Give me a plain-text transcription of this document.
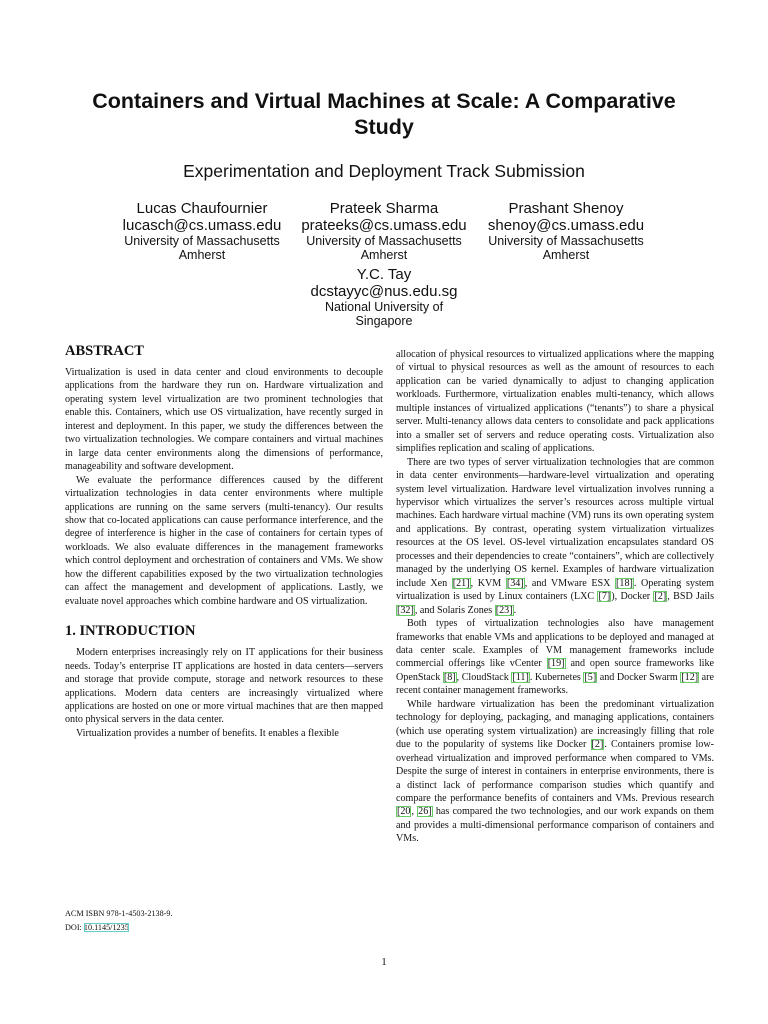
Containers and Virtual Machines at Scale: A Comparative Study
Experimentation and Deployment Track Submission
Lucas Chaufournier
lucasch@cs.umass.edu
University of Massachusetts
Amherst
Prateek Sharma
prateeks@cs.umass.edu
University of Massachusetts
Amherst
Prashant Shenoy
shenoy@cs.umass.edu
University of Massachusetts
Amherst
Y.C. Tay
dcstayyc@nus.edu.sg
National University of
Singapore
ABSTRACT

Virtualization is used in data center and cloud environments to decouple applications from the hardware they run on. Hardware virtualization and operating system level virtualization are two prominent technologies that enable this. Containers, which use OS virtualization, have recently surged in interest and deployment. In this paper, we study the differences between the two virtualization technologies. We compare containers and virtual machines in large data center environments along the dimensions of performance, manageability and software development.

We evaluate the performance differences caused by the different virtualization technologies in data center environments where multiple applications are running on the same servers (multi-tenancy). Our results show that co-located applications can cause performance interference, and the degree of interference is higher in the case of containers for certain types of workloads. We also evaluate differences in the management frameworks which control deployment and orchestration of containers and VMs. We show how the different capabilities exposed by the two virtualization technologies can affect the management and development of applications. Lastly, we evaluate novel approaches which combine hardware and OS virtualization.

1. INTRODUCTION

Modern enterprises increasingly rely on IT applications for their business needs. Today’s enterprise IT applications are hosted in data centers—servers and storage that provide compute, storage and network resources to these applications. Modern data centers are increasingly virtualized where applications are hosted on one or more virtual machines that are then mapped onto physical servers in the data center.

Virtualization provides a number of benefits. It enables a flexible

allocation of physical resources to virtualized applications where the mapping of virtual to physical resources as well as the amount of resources to each application can be varied dynamically to adjust to changing application workloads. Furthermore, virtualization enables multi-tenancy, which allows multiple instances of virtualized applications (“tenants”) to share a physical server. Multi-tenancy allows data centers to consolidate and pack applications into a smaller set of servers and reduce operating costs. Virtualization also simplifies replication and scaling of applications.

There are two types of server virtualization technologies that are common in data center environments—hardware-level virtualization and operating system level virtualization. Hardware level virtualization involves running a hypervisor which virtualizes the server’s resources across multiple virtual machines. Each hardware virtual machine (VM) runs its own operating system and applications. By contrast, operating system virtualization virtualizes resources at the OS level. OS-level virtualization encapsulates standard OS processes and their dependencies to create “containers”, which are collectively managed by the underlying OS kernel. Examples of hardware virtualization include Xen [21], KVM [34], and VMware ESX [18]. Operating system virtualization is used by Linux containers (LXC [7]), Docker [2], BSD Jails [32], and Solaris Zones [23].

Both types of virtualization technologies also have management frameworks that enable VMs and applications to be deployed and managed at data center scale. Examples of VM management frameworks include commercial offerings like vCenter [19] and open source frameworks like OpenStack [8], CloudStack [11]. Kubernetes [5] and Docker Swarm [12] are recent container management frameworks.

While hardware virtualization has been the predominant virtualization technology for deploying, packaging, and managing applications, containers (which use operating system virtualization) are increasingly filling that role due to the popularity of systems like Docker [2]. Containers promise low-overhead virtualization and improved performance when compared to VMs. Despite the surge of interest in containers in enterprise environments, there is a distinct lack of performance comparison studies which quantify and compare the performance benefits of containers and VMs. Previous research [20, 26] has compared the two technologies, and our work expands on them and provides a multi-dimensional performance comparison of containers and VMs.

ACM ISBN 978-1-4503-2138-9.
DOI: 10.1145/1235
1
